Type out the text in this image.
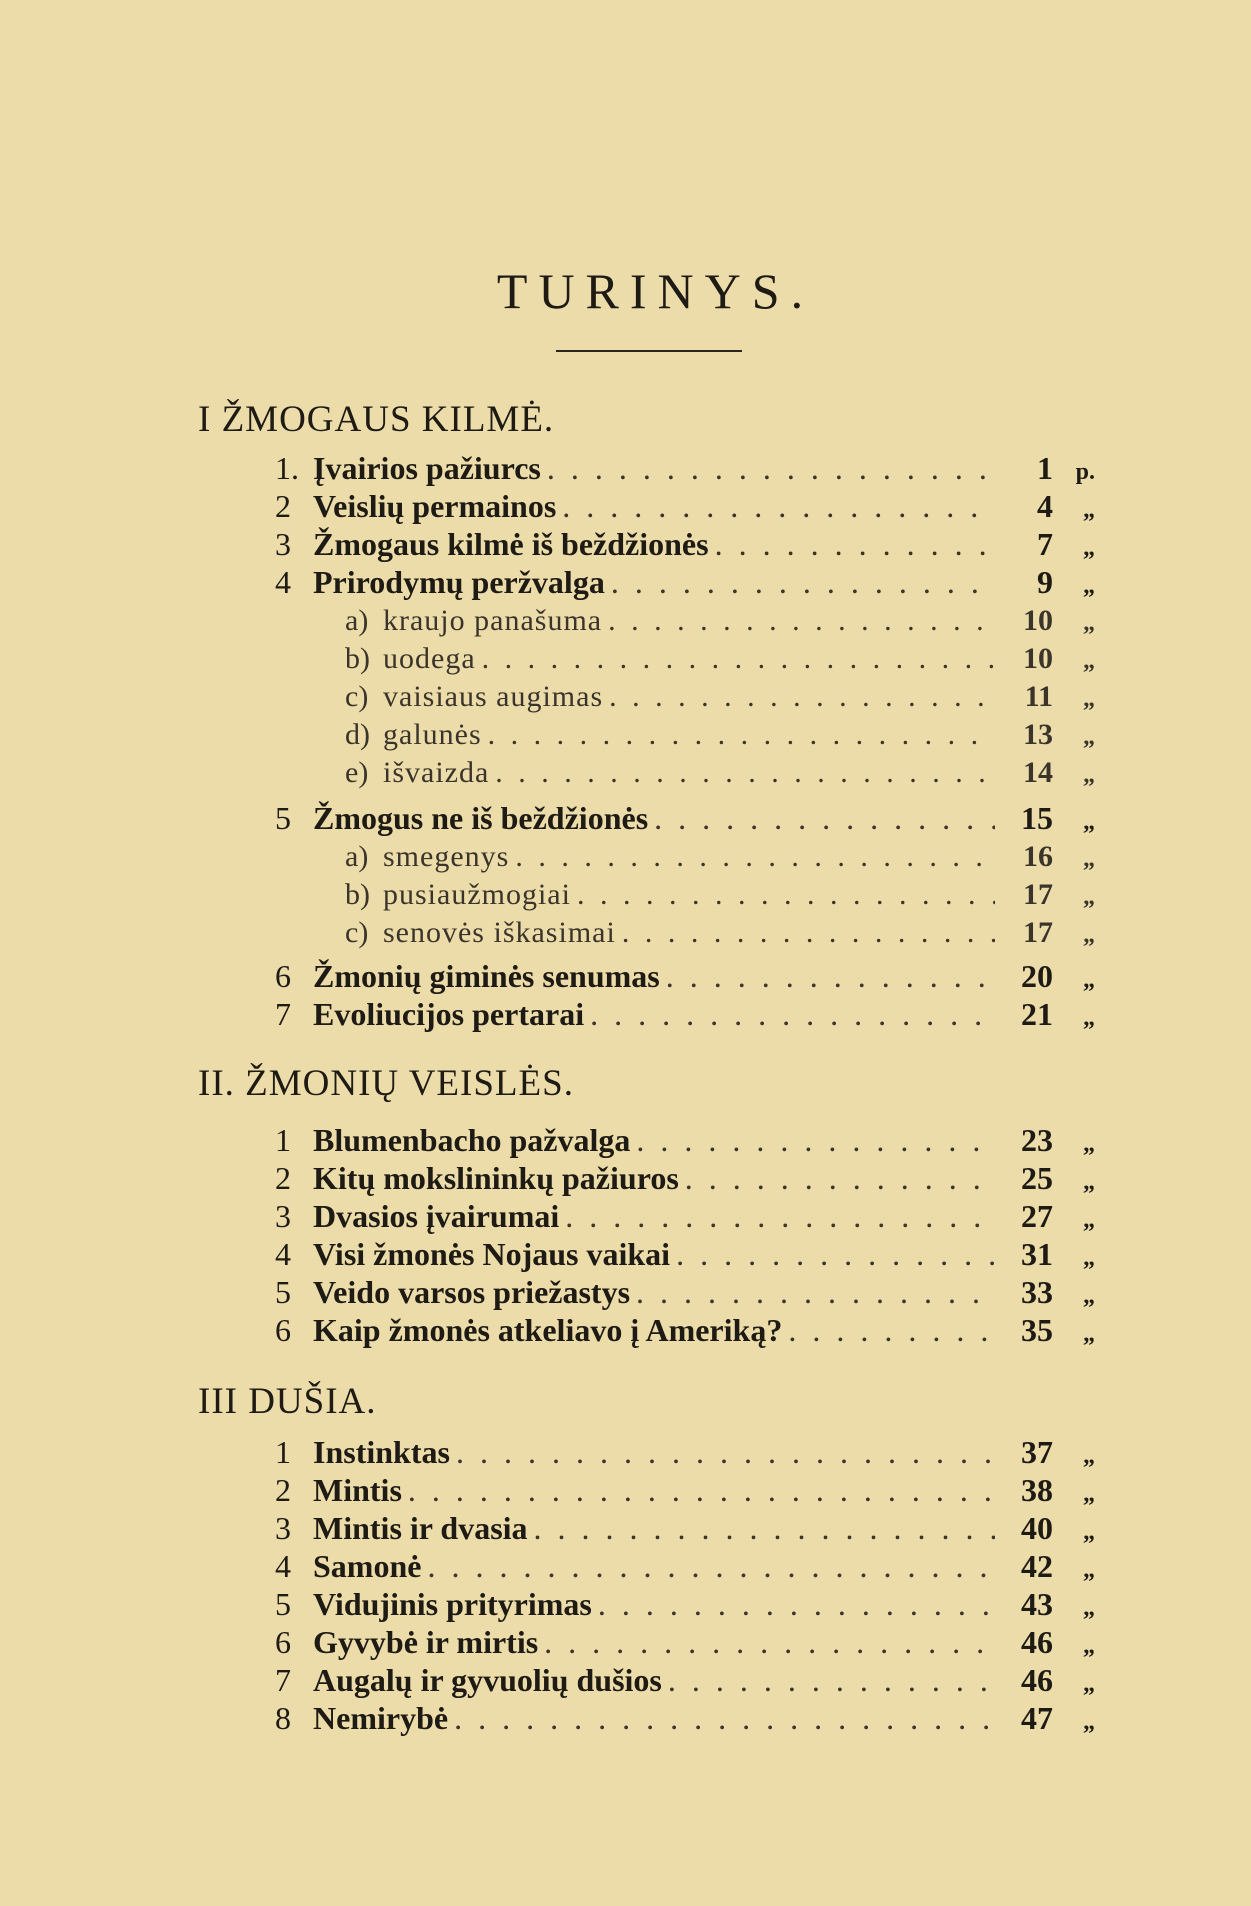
TURINYS.
I ŽMOGAUS KILMĖ.
1. Įvairios pažiurcs . . .	1 p.
2 Veislių permainos . . .	4	„
3 Žmogaus kilmė iš beždžionės . . .	7	„
4 Prirodymų peržvalga . . .	9	„
a) kraujo panašuma . . .	10	„
b) uodega . . .	10	„
c) vaisiaus augimas . . .	11	„
d) galunės . . .	13	„
e) išvaizda . . .	14	„
5 Žmogus ne iš beždžionės . . .	15	„
a) smegenys . . .	16	„
b) pusiaužmogiai . . .	17	„
c) senovės iškasimai . . .	17	„
6 Žmonių giminės senumas . . .	20	„
7 Evoliucijos pertarai . . .	21	„
II. ŽMONIŲ VEISLĖS.
1 Blumenbacho pažvalga . . .	23	„
2 Kitų mokslininkų pažiuros . . .	25	„
3 Dvasios įvairumai . . .	27	„
4 Visi žmonės Nojaus vaikai . . .	31	„
5 Veido varsos priežastys . . .	33	„
6 Kaip žmonės atkeliavo į Ameriką? . . .	35	„
III DUŠIA.
1 Instinktas . . .	37	„
2 Mintis . . .	38	„
3 Mintis ir dvasia . . .	40	„
4 Samonė . . .	42	„
5 Vidujinis prityrimas . . .	43	„
6 Gyvybė ir mirtis . . .	46	„
7 Augalų ir gyvuolių dušios . . .	46	„
8 Nemirybė . . .	47	„
